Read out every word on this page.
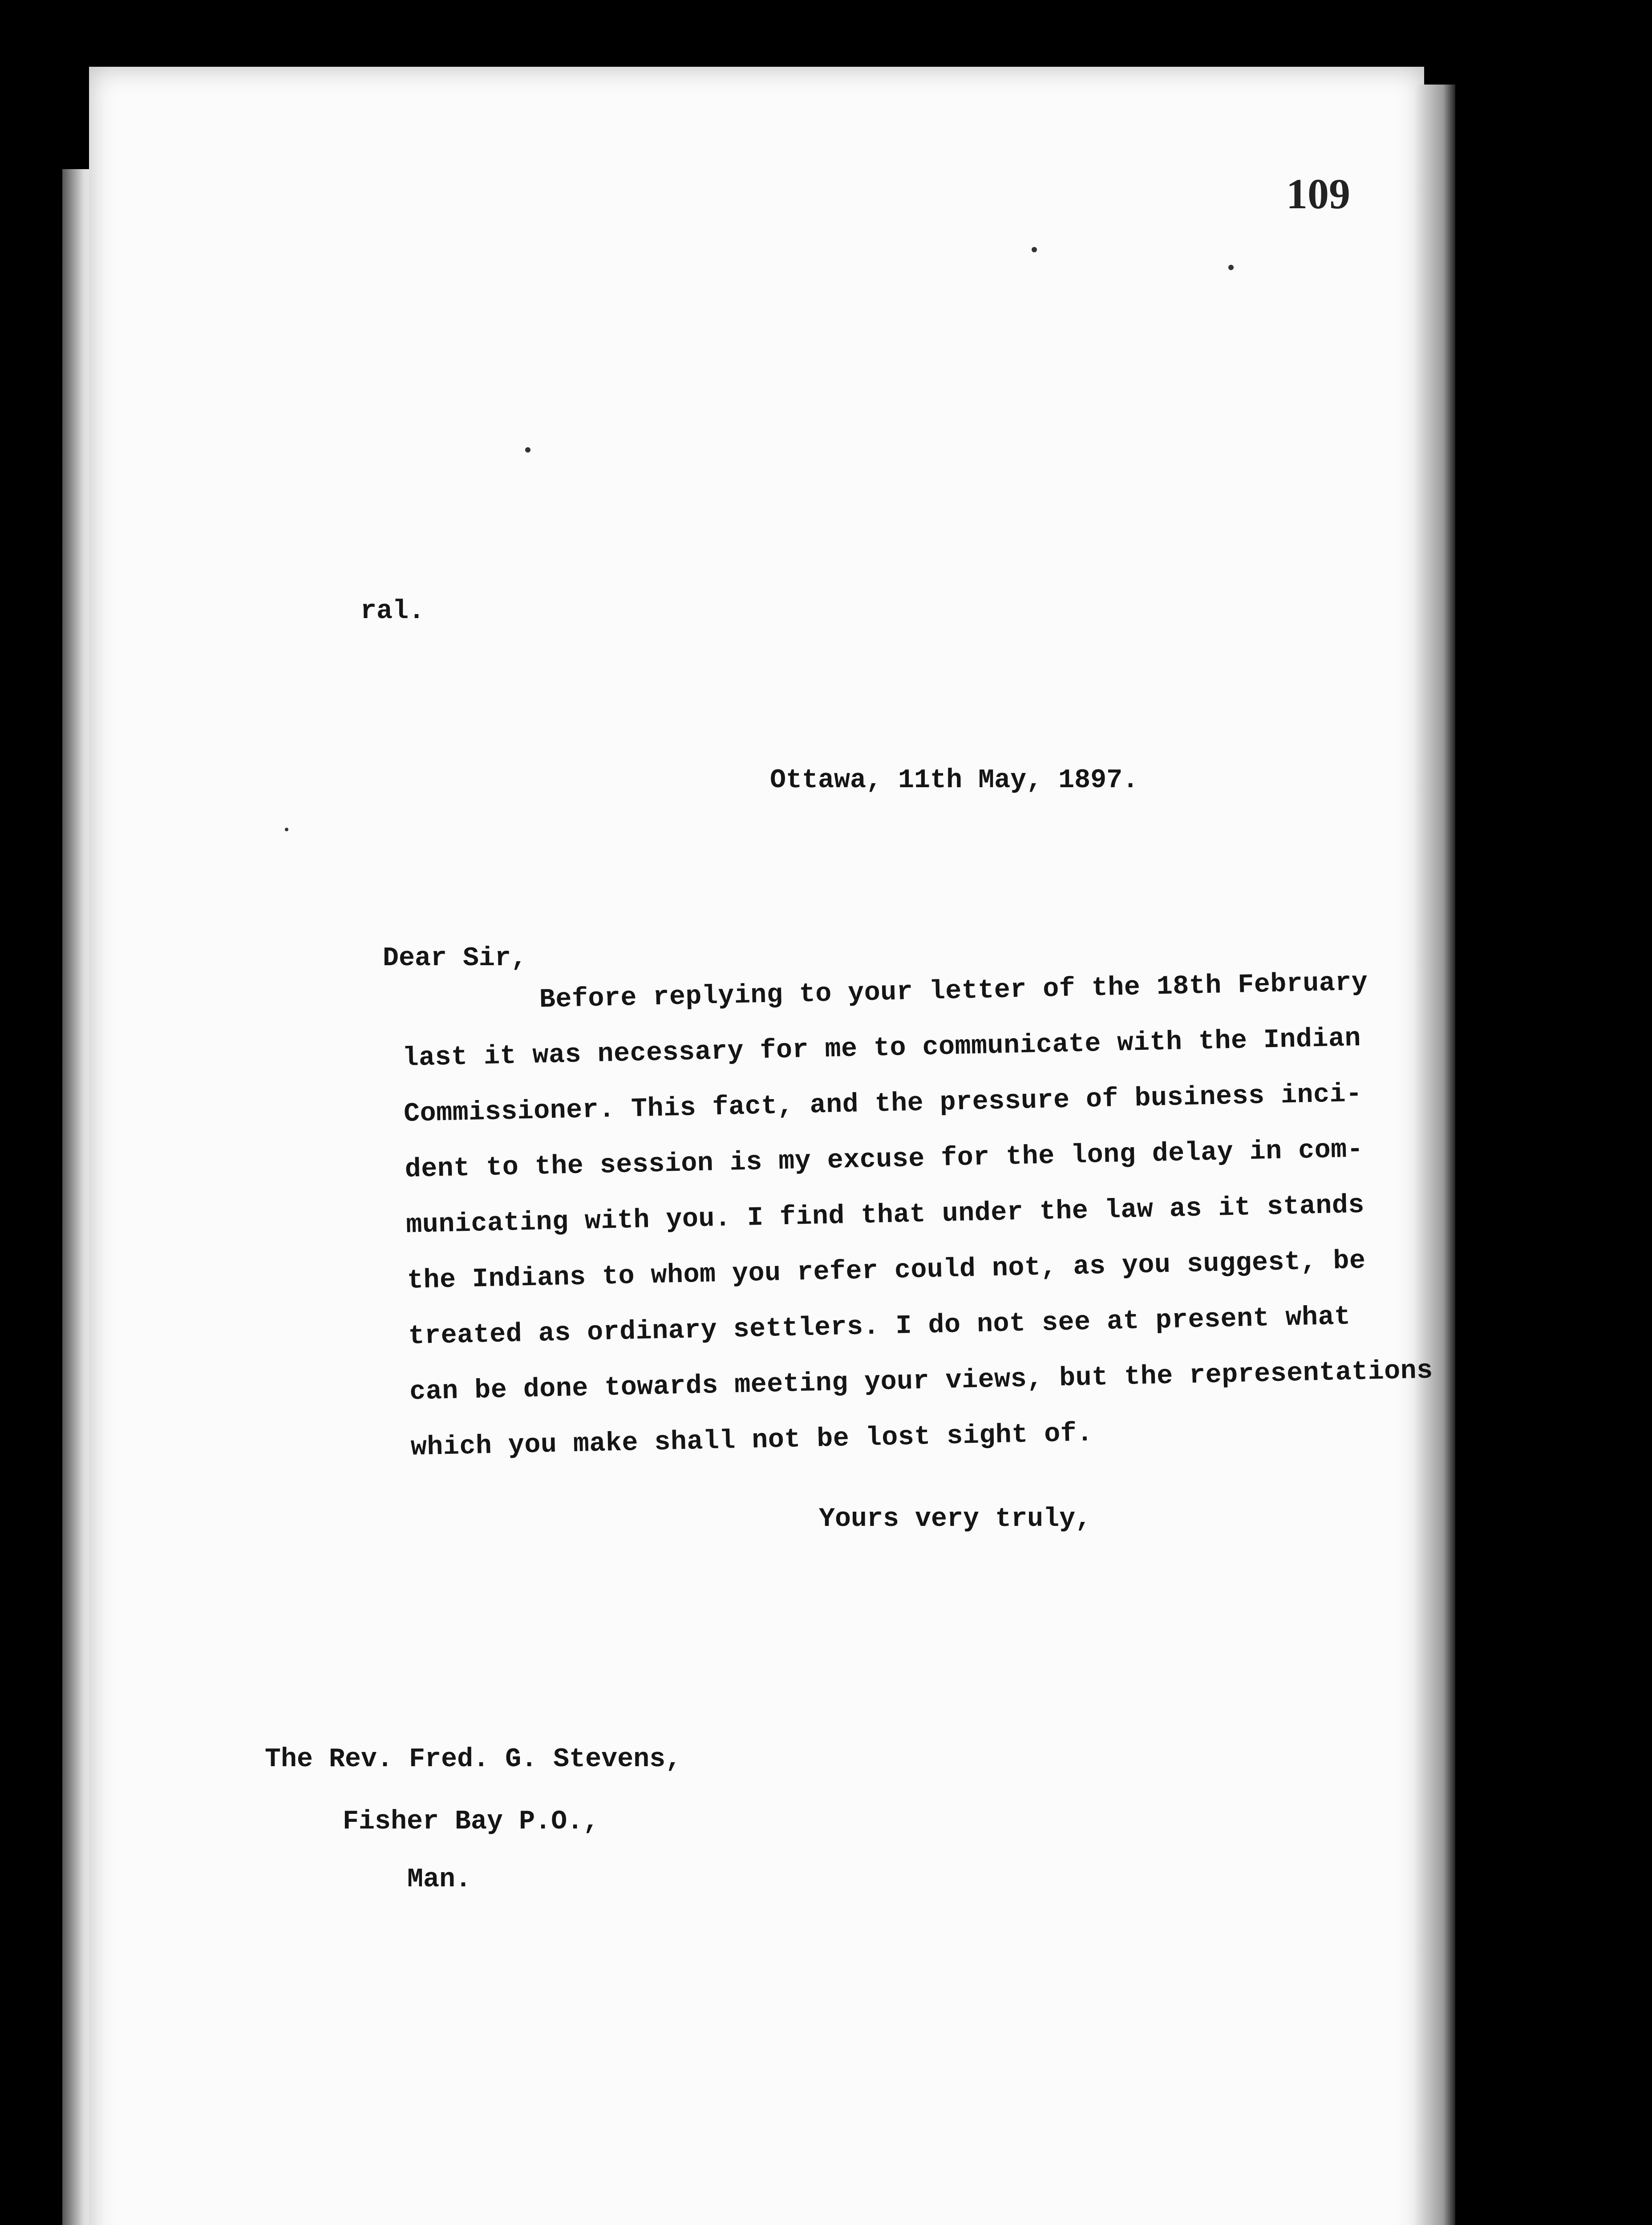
109
ral.
Ottawa, 11th May, 1897.
Dear Sir,
Before replying to your letter of the 18th February
last it was necessary for me to communicate with the Indian
Commissioner. This fact, and the pressure of business inci-
dent to the session is my excuse for the long delay in com-
municating with you. I find that under the law as it stands
the Indians to whom you refer could not, as you suggest, be
treated as ordinary settlers. I do not see at present what
can be done towards meeting your views, but the representations
which you make shall not be lost sight of.
Yours very truly,
The Rev. Fred. G. Stevens,
Fisher Bay P.O.,
Man.
